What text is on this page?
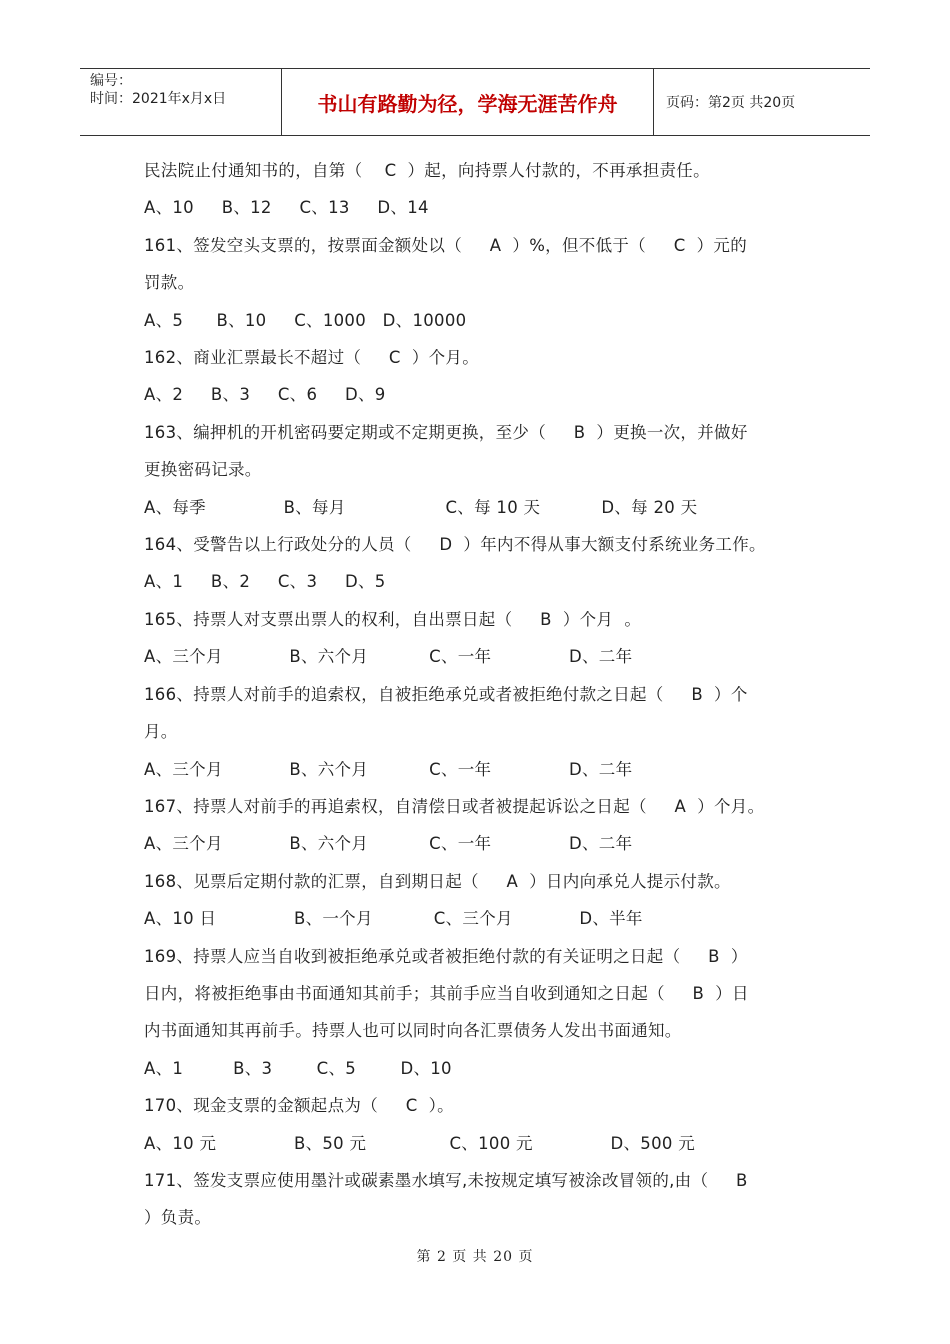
编号：
时间：2021年x月x日	书山有路勤为径，学海无涯苦作舟	页码：第2页 共20页
民法院止付通知书的，自第（    C  ）起，向持票人付款的，不再承担责任。
A、10     B、12     C、13     D、14
161、签发空头支票的，按票面金额处以（     A  ）%，但不低于（     C  ）元的
罚款。
A、5      B、10     C、1000   D、10000
162、商业汇票最长不超过（     C  ）个月。
A、2     B、3     C、6     D、9
163、编押机的开机密码要定期或不定期更换，至少（     B  ）更换一次，并做好
更换密码记录。
A、每季              B、每月                  C、每 10 天           D、每 20 天
164、受警告以上行政处分的人员（     D  ）年内不得从事大额支付系统业务工作。
A、1     B、2     C、3     D、5
165、持票人对支票出票人的权利，自出票日起（     B  ）个月  。
A、三个月            B、六个月           C、一年              D、二年
166、持票人对前手的追索权，自被拒绝承兑或者被拒绝付款之日起（     B  ）个
月。
A、三个月            B、六个月           C、一年              D、二年
167、持票人对前手的再追索权，自清偿日或者被提起诉讼之日起（     A  ）个月。
A、三个月            B、六个月           C、一年              D、二年
168、见票后定期付款的汇票，自到期日起（     A  ）日内向承兑人提示付款。
A、10 日              B、一个月           C、三个月            D、半年
169、持票人应当自收到被拒绝承兑或者被拒绝付款的有关证明之日起（     B  ）
日内，将被拒绝事由书面通知其前手；其前手应当自收到通知之日起（     B  ）日
内书面通知其再前手。持票人也可以同时向各汇票债务人发出书面通知。
A、1         B、3        C、5        D、10
170、现金支票的金额起点为（     C  ）。
A、10 元              B、50 元               C、100 元              D、500 元
171、签发支票应使用墨汁或碳素墨水填写,未按规定填写被涂改冒领的,由（     B
）负责。
第 2 页 共 20 页
